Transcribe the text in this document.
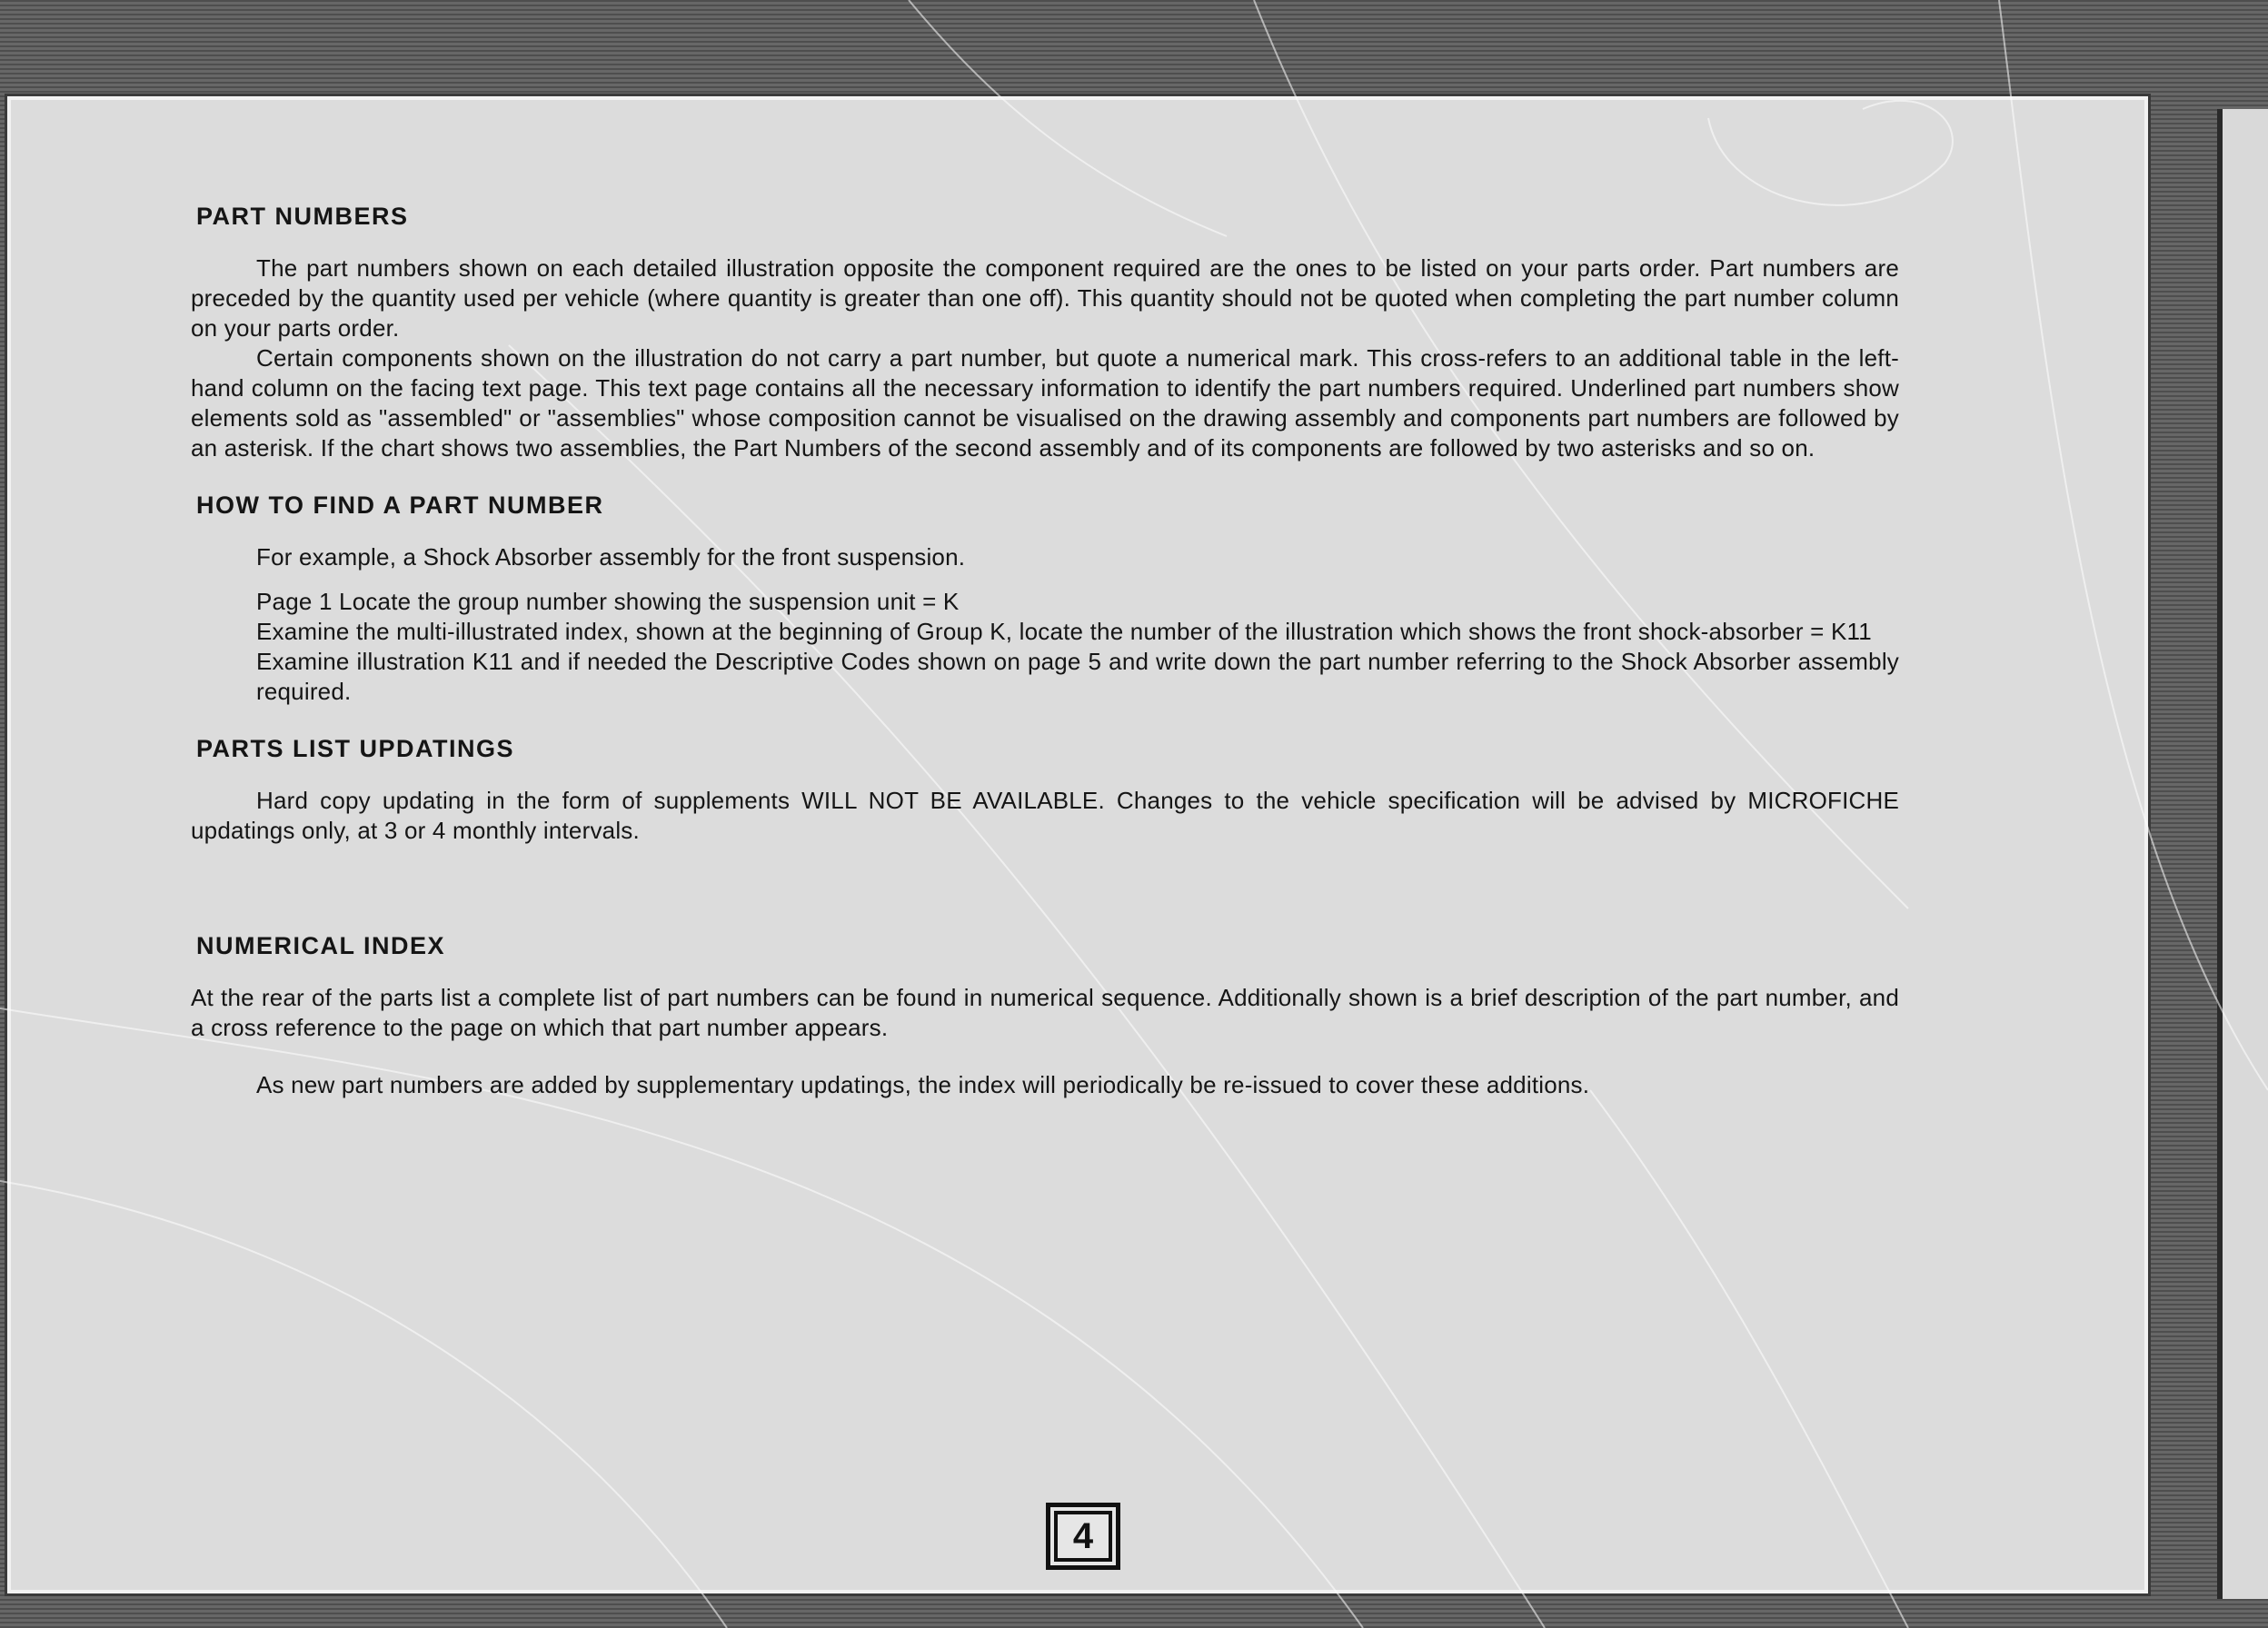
PART NUMBERS

The part numbers shown on each detailed illustration opposite the component required are the ones to be listed on your parts order. Part numbers are preceded by the quantity used per vehicle (where quantity is greater than one off). This quantity should not be quoted when completing the part number column on your parts order.

Certain components shown on the illustration do not carry a part number, but quote a numerical mark. This cross-refers to an additional table in the left-hand column on the facing text page. This text page contains all the necessary information to identify the part numbers required. Underlined part numbers show elements sold as "assembled" or "assemblies" whose composition cannot be visualised on the drawing assembly and components part numbers are followed by an asterisk. If the chart shows two assemblies, the Part Numbers of the second assembly and of its components are followed by two asterisks and so on.

HOW TO FIND A PART NUMBER
For example, a Shock Absorber assembly for the front suspension.
Page 1 Locate the group number showing the suspension unit = K
Examine the multi-illustrated index, shown at the beginning of Group K, locate the number of the illustration which shows the front shock-absorber = K11
Examine illustration K11 and if needed the Descriptive Codes shown on page 5 and write down the part number referring to the Shock Absorber assembly required.
PARTS LIST UPDATINGS

Hard copy updating in the form of supplements WILL NOT BE AVAILABLE. Changes to the vehicle specification will be advised by MICROFICHE updatings only, at 3 or 4 monthly intervals.

NUMERICAL INDEX

At the rear of the parts list a complete list of part numbers can be found in numerical sequence. Additionally shown is a brief description of the part number, and a cross reference to the page on which that part number appears.

As new part numbers are added by supplementary updatings, the index will periodically be re-issued to cover these additions.

4
